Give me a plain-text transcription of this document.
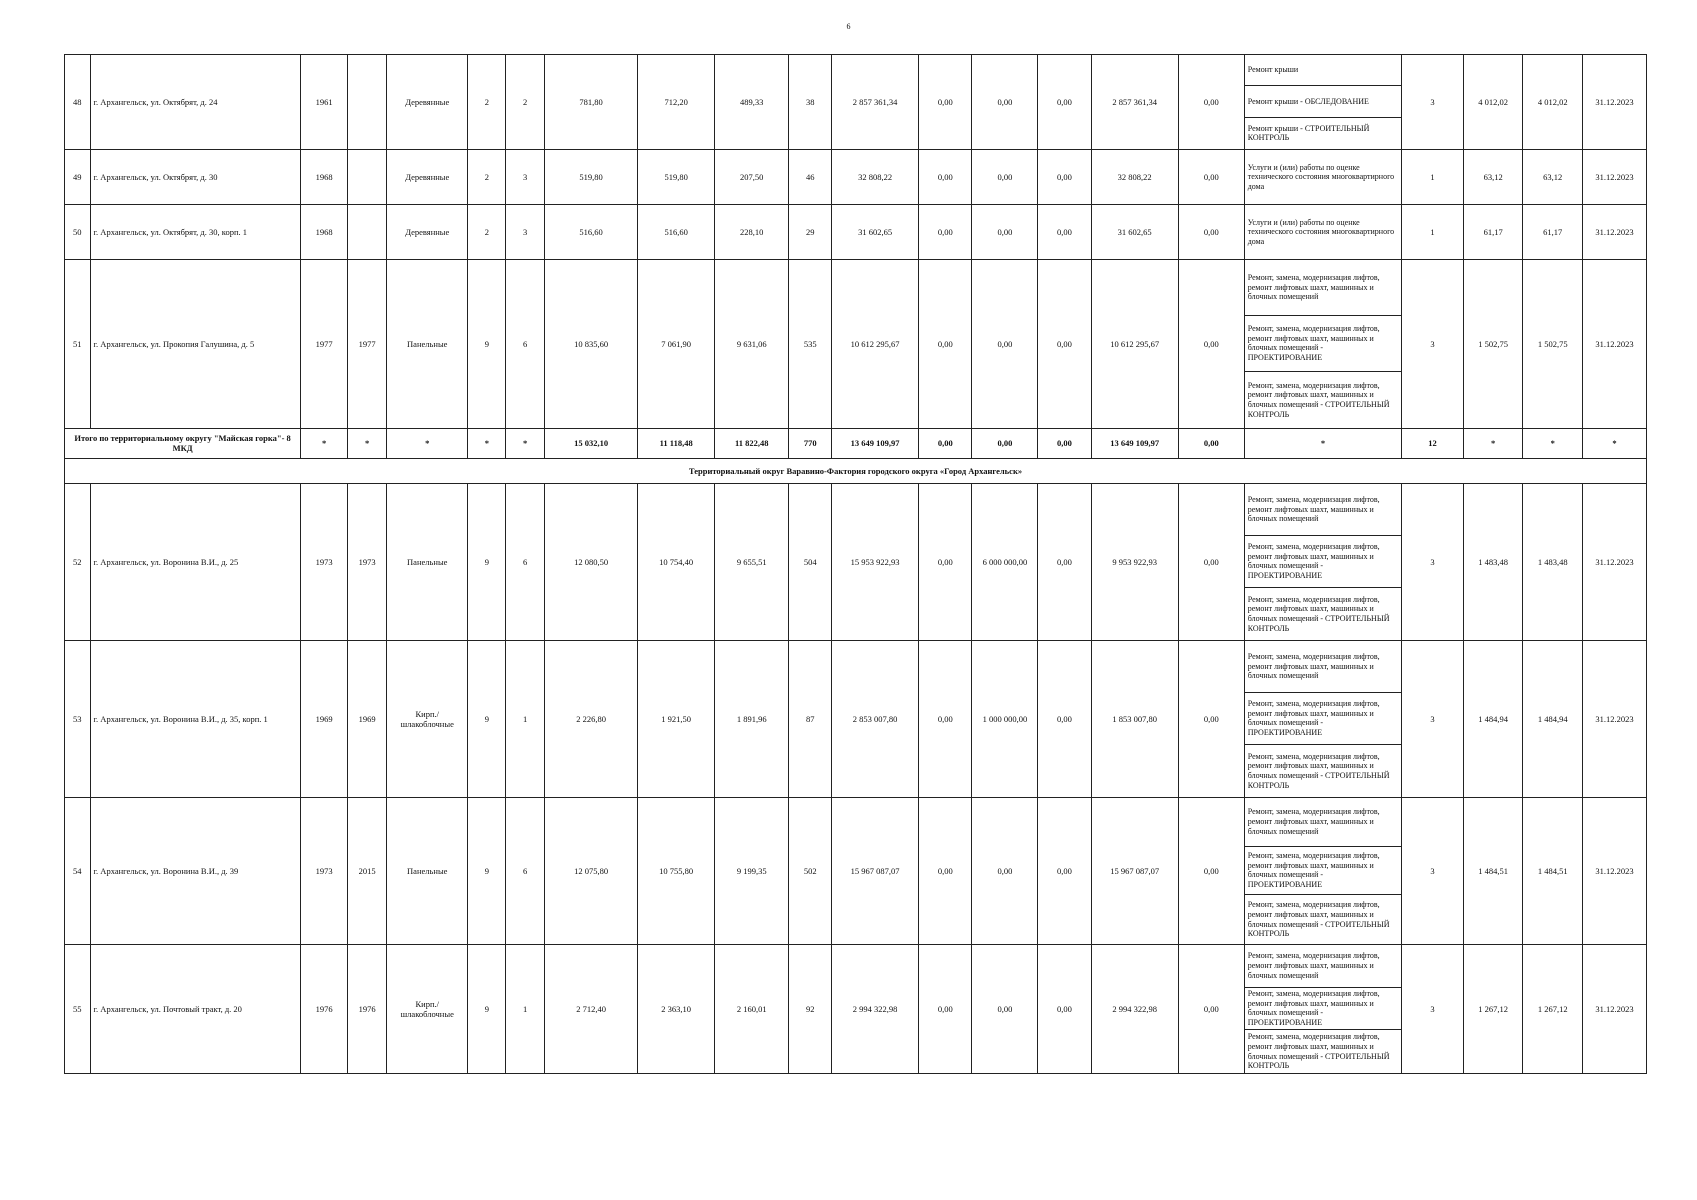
6
48	г. Архангельск, ул. Октябрят, д. 24	1961		Деревянные	2	2	781,80	712,20	489,33	38	2 857 361,34	0,00	0,00	0,00	2 857 361,34	0,00	Ремонт крыши
Ремонт крыши - ОБСЛЕДОВАНИЕ
Ремонт крыши - СТРОИТЕЛЬНЫЙ КОНТРОЛЬ	3	4 012,02	4 012,02	31.12.2023
49	г. Архангельск, ул. Октябрят, д. 30	1968		Деревянные	2	3	519,80	519,80	207,50	46	32 808,22	0,00	0,00	0,00	32 808,22	0,00	Услуги и (или) работы по оценке технического состояния многоквартирного дома	1	63,12	63,12	31.12.2023
50	г. Архангельск, ул. Октябрят, д. 30, корп. 1	1968		Деревянные	2	3	516,60	516,60	228,10	29	31 602,65	0,00	0,00	0,00	31 602,65	0,00	Услуги и (или) работы по оценке технического состояния многоквартирного дома	1	61,17	61,17	31.12.2023
51	г. Архангельск, ул. Прокопия Галушина, д. 5	1977	1977	Панельные	9	6	10 835,60	7 061,90	9 631,06	535	10 612 295,67	0,00	0,00	0,00	10 612 295,67	0,00	Ремонт, замена, модернизация лифтов, ремонт лифтовых шахт, машинных и блочных помещений
Ремонт, замена, модернизация лифтов, ремонт лифтовых шахт, машинных и блочных помещений - ПРОЕКТИРОВАНИЕ
Ремонт, замена, модернизация лифтов, ремонт лифтовых шахт, машинных и блочных помещений - СТРОИТЕЛЬНЫЙ КОНТРОЛЬ	3	1 502,75	1 502,75	31.12.2023
Итого по территориальному округу "Майская горка"- 8 МКД		*	*	*	*	*	15 032,10	11 118,48	11 822,48	770	13 649 109,97	0,00	0,00	0,00	13 649 109,97	0,00	*	12	*	*	*
Территориальный округ Варавино-Фактория городского округа «Город Архангельск»																					
52	г. Архангельск, ул. Воронина В.И., д. 25	1973	1973	Панельные	9	6	12 080,50	10 754,40	9 655,51	504	15 953 922,93	0,00	6 000 000,00	0,00	9 953 922,93	0,00	Ремонт, замена, модернизация лифтов, ремонт лифтовых шахт, машинных и блочных помещений
Ремонт, замена, модернизация лифтов, ремонт лифтовых шахт, машинных и блочных помещений - ПРОЕКТИРОВАНИЕ
Ремонт, замена, модернизация лифтов, ремонт лифтовых шахт, машинных и блочных помещений - СТРОИТЕЛЬНЫЙ КОНТРОЛЬ	3	1 483,48	1 483,48	31.12.2023
53	г. Архангельск, ул. Воронина В.И., д. 35, корп. 1	1969	1969	Кирп./ шлакоблочные	9	1	2 226,80	1 921,50	1 891,96	87	2 853 007,80	0,00	1 000 000,00	0,00	1 853 007,80	0,00	Ремонт, замена, модернизация лифтов, ремонт лифтовых шахт, машинных и блочных помещений
Ремонт, замена, модернизация лифтов, ремонт лифтовых шахт, машинных и блочных помещений - ПРОЕКТИРОВАНИЕ
Ремонт, замена, модернизация лифтов, ремонт лифтовых шахт, машинных и блочных помещений - СТРОИТЕЛЬНЫЙ КОНТРОЛЬ	3	1 484,94	1 484,94	31.12.2023
54	г. Архангельск, ул. Воронина В.И., д. 39	1973	2015	Панельные	9	6	12 075,80	10 755,80	9 199,35	502	15 967 087,07	0,00	0,00	0,00	15 967 087,07	0,00	Ремонт, замена, модернизация лифтов, ремонт лифтовых шахт, машинных и блочных помещений
Ремонт, замена, модернизация лифтов, ремонт лифтовых шахт, машинных и блочных помещений - ПРОЕКТИРОВАНИЕ
Ремонт, замена, модернизация лифтов, ремонт лифтовых шахт, машинных и блочных помещений - СТРОИТЕЛЬНЫЙ КОНТРОЛЬ	3	1 484,51	1 484,51	31.12.2023
55	г. Архангельск, ул. Почтовый тракт, д. 20	1976	1976	Кирп./ шлакоблочные	9	1	2 712,40	2 363,10	2 160,01	92	2 994 322,98	0,00	0,00	0,00	2 994 322,98	0,00	Ремонт, замена, модернизация лифтов, ремонт лифтовых шахт, машинных и блочных помещений
Ремонт, замена, модернизация лифтов, ремонт лифтовых шахт, машинных и блочных помещений - ПРОЕКТИРОВАНИЕ
Ремонт, замена, модернизация лифтов, ремонт лифтовых шахт, машинных и блочных помещений - СТРОИТЕЛЬНЫЙ КОНТРОЛЬ	3	1 267,12	1 267,12	31.12.2023
